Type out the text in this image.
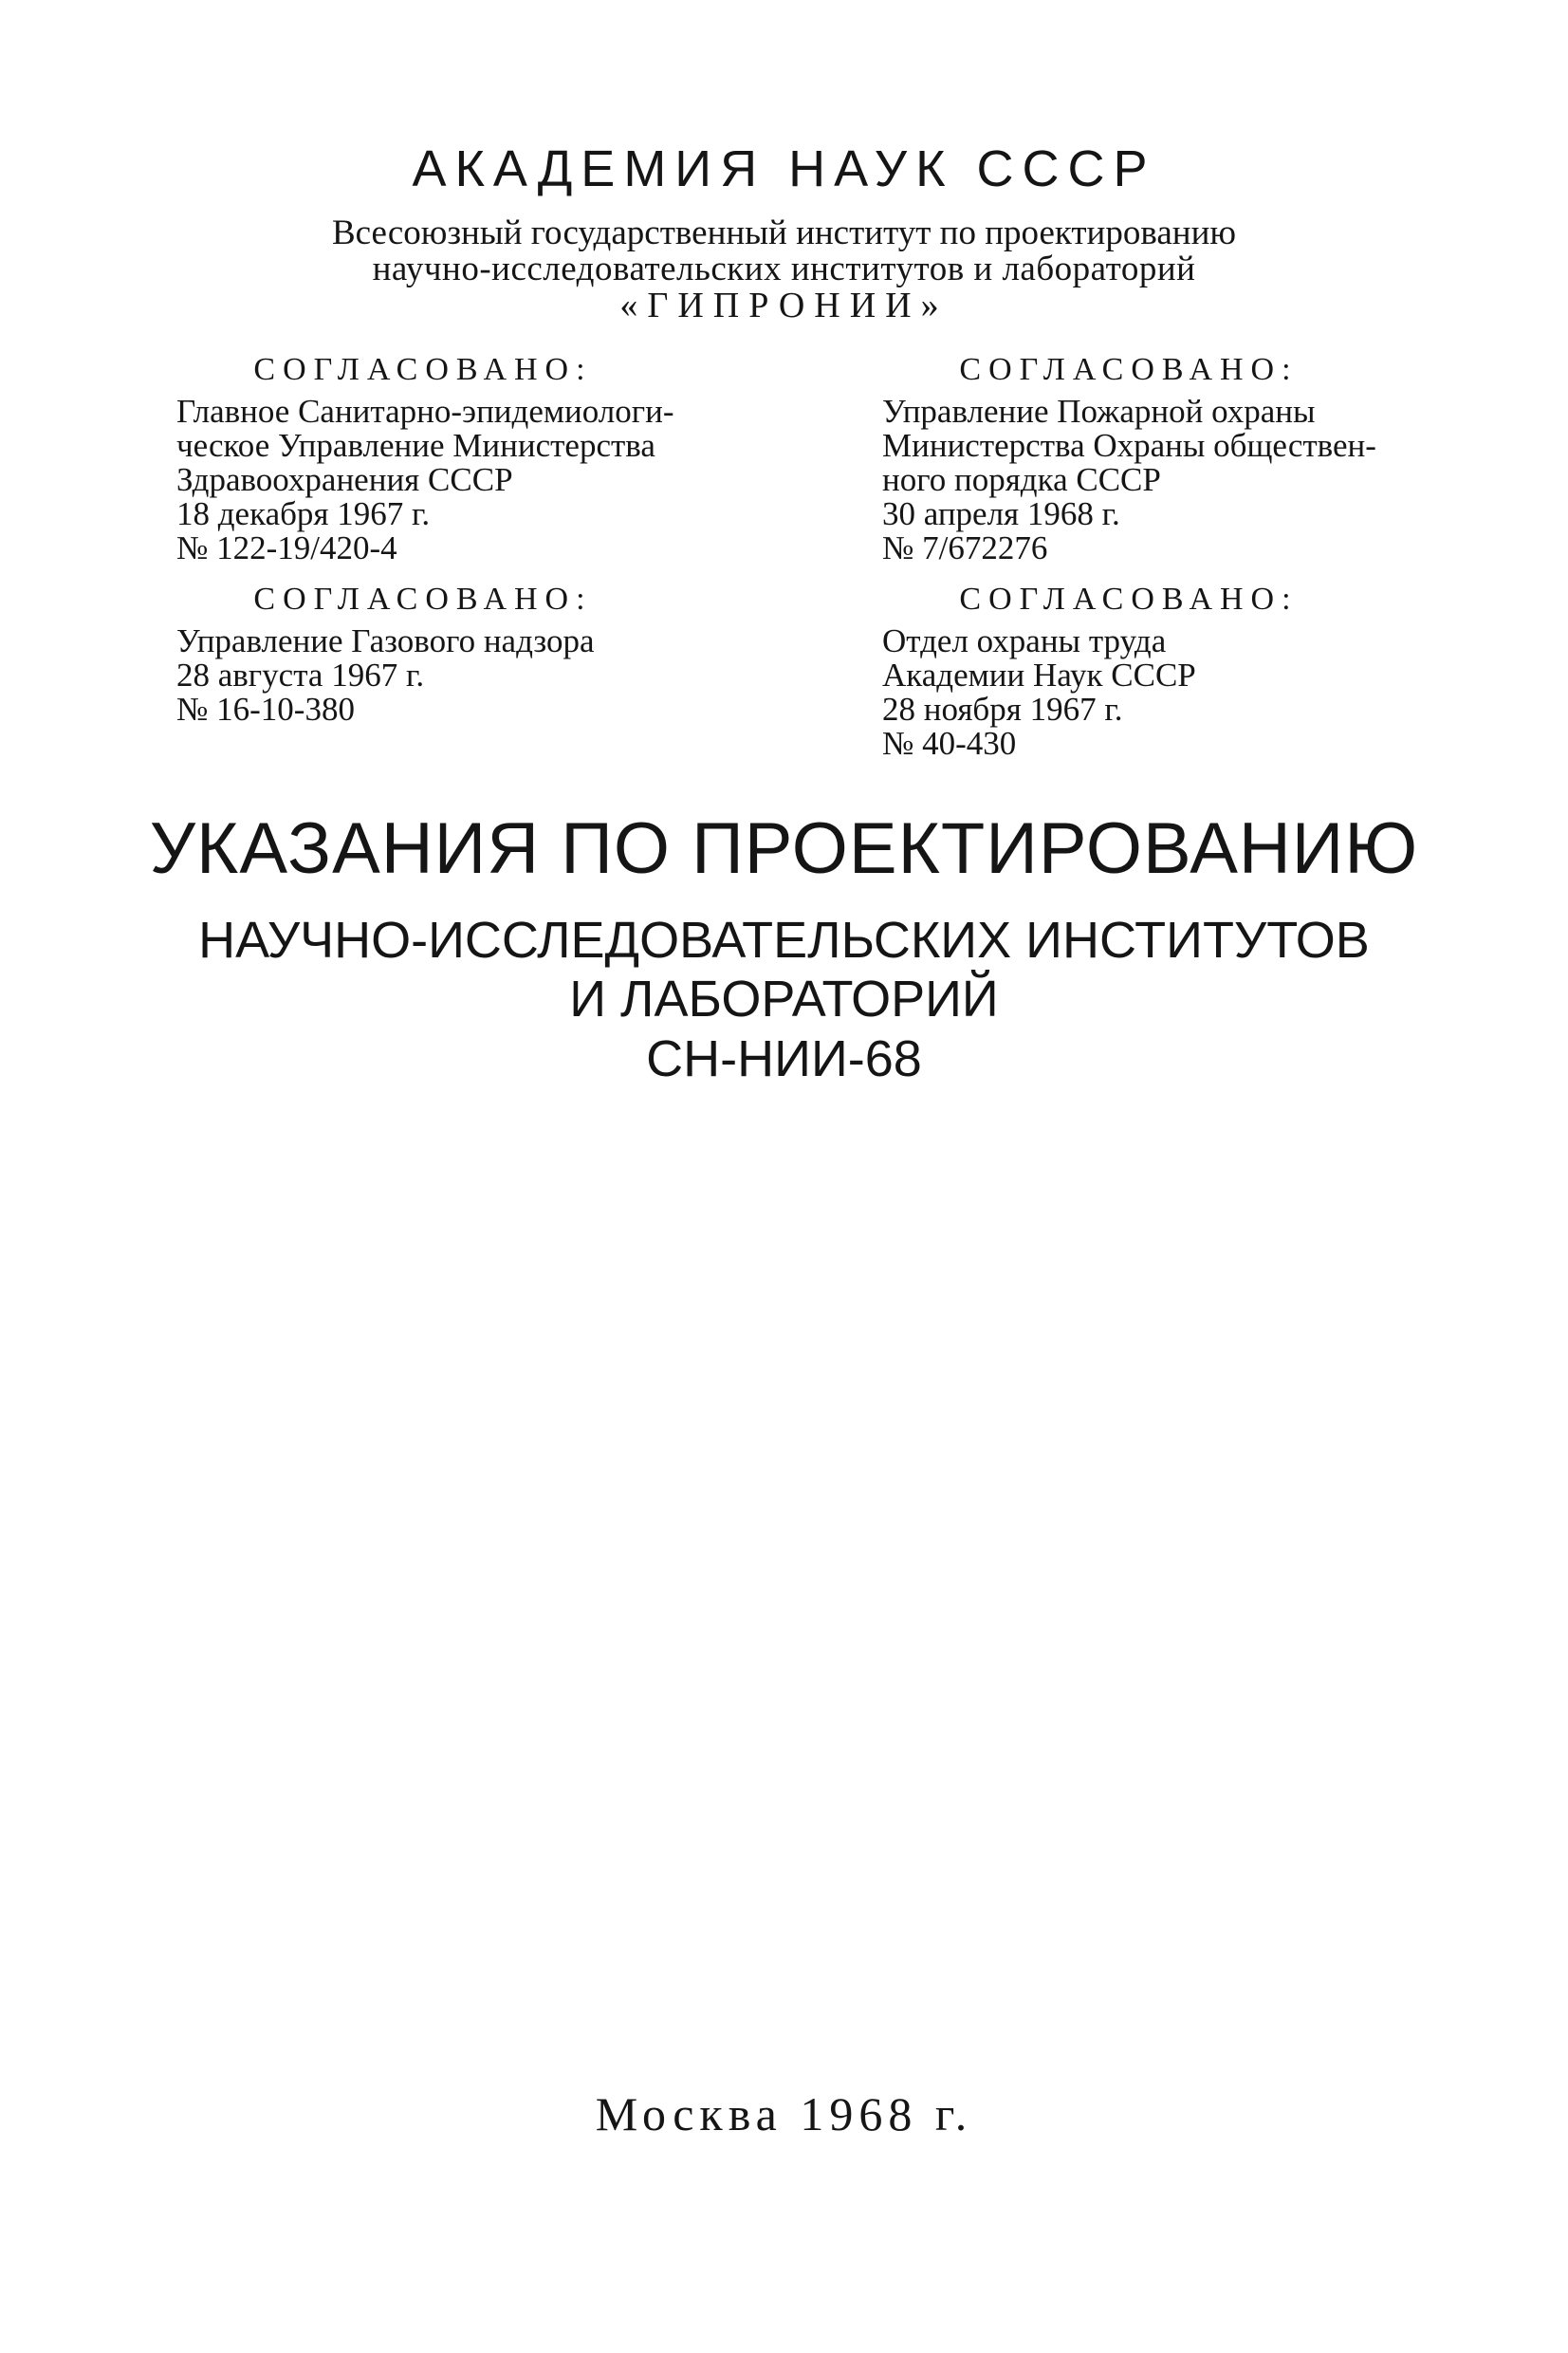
АКАДЕМИЯ НАУК СССР
Всесоюзный государственный институт по проектированию
научно-исследовательских институтов и лабораторий
«ГИПРОНИИ»
СОГЛАСОВАНО:
Главное Санитарно-эпидемиологи-
ческое Управление Министерства
Здравоохранения СССР
18 декабря 1967 г.
№ 122-19/420-4
СОГЛАСОВАНО:
Управление Пожарной охраны
Министерства Охраны обществен-
ного порядка СССР
30 апреля 1968 г.
№ 7/672276
СОГЛАСОВАНО:
Управление Газового надзора
28 августа 1967 г.
№ 16-10-380
СОГЛАСОВАНО:
Отдел охраны труда
Академии Наук СССР
28 ноября 1967 г.
№ 40-430
УКАЗАНИЯ ПО ПРОЕКТИРОВАНИЮ
НАУЧНО-ИССЛЕДОВАТЕЛЬСКИХ ИНСТИТУТОВ
И ЛАБОРАТОРИЙ
СН-НИИ-68
Москва 1968 г.
